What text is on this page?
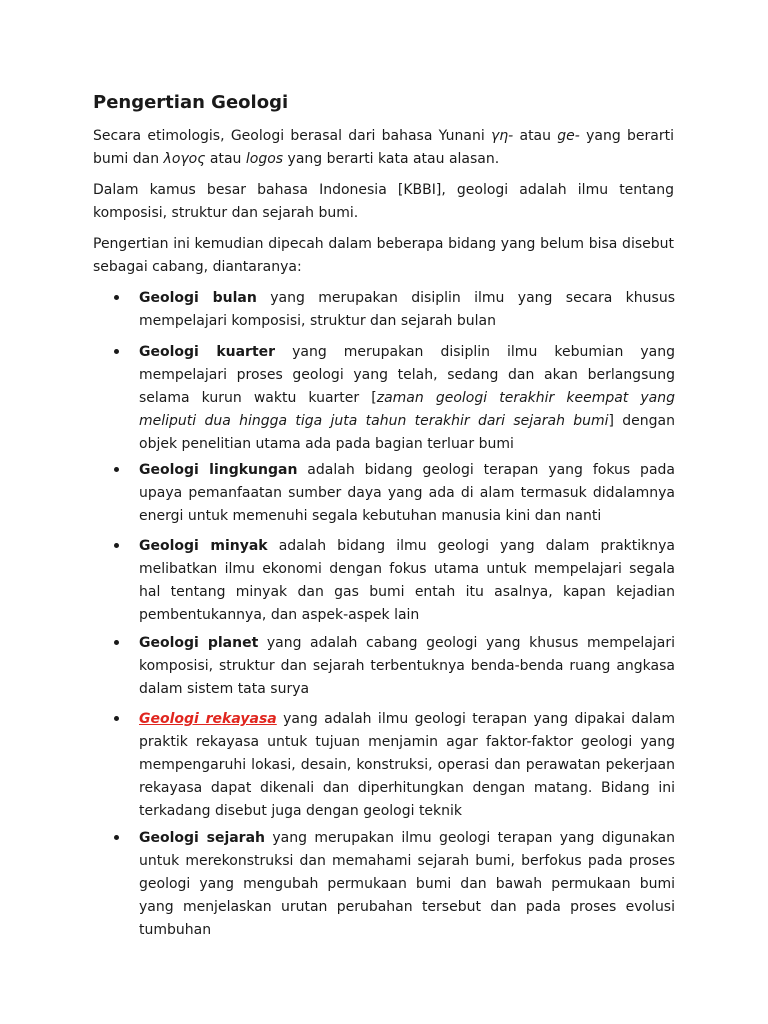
Pengertian Geologi

Secara etimologis, Geologi berasal dari bahasa Yunani γη- atau ge- yang berarti bumi dan λογος atau logos yang berarti kata atau alasan.

Dalam kamus besar bahasa Indonesia [KBBI], geologi adalah ilmu tentang komposisi, struktur dan sejarah bumi.

Pengertian ini kemudian dipecah dalam beberapa bidang yang belum bisa disebut sebagai cabang, diantaranya:

Geologi bulan yang merupakan disiplin ilmu yang secara khusus mempelajari komposisi, struktur dan sejarah bulan
Geologi kuarter yang merupakan disiplin ilmu kebumian yang mempelajari proses geologi yang telah, sedang dan akan berlangsung selama kurun waktu kuarter [zaman geologi terakhir keempat yang meliputi dua hingga tiga juta tahun terakhir dari sejarah bumi] dengan objek penelitian utama ada pada bagian terluar bumi
Geologi lingkungan adalah bidang geologi terapan yang fokus pada upaya pemanfaatan sumber daya yang ada di alam termasuk didalamnya energi untuk memenuhi segala kebutuhan manusia kini dan nanti
Geologi minyak adalah bidang ilmu geologi yang dalam praktiknya melibatkan ilmu ekonomi dengan fokus utama untuk mempelajari segala hal tentang minyak dan gas bumi entah itu asalnya, kapan kejadian pembentukannya, dan aspek-aspek lain
Geologi planet yang adalah cabang geologi yang khusus mempelajari komposisi, struktur dan sejarah terbentuknya benda-benda ruang angkasa dalam sistem tata surya
Geologi rekayasa yang adalah ilmu geologi terapan yang dipakai dalam praktik rekayasa untuk tujuan menjamin agar faktor-faktor geologi yang mempengaruhi lokasi, desain, konstruksi, operasi dan perawatan pekerjaan rekayasa dapat dikenali dan diperhitungkan dengan matang. Bidang ini terkadang disebut juga dengan geologi teknik
Geologi sejarah yang merupakan ilmu geologi terapan yang digunakan untuk merekonstruksi dan memahami sejarah bumi, berfokus pada proses geologi yang mengubah permukaan bumi dan bawah permukaan bumi yang menjelaskan urutan perubahan tersebut dan pada proses evolusi tumbuhan
